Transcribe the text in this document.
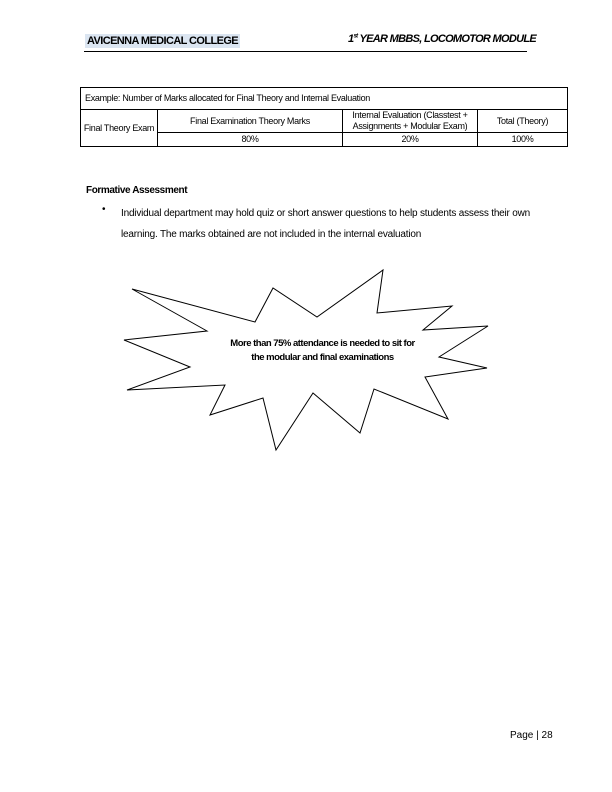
AVICENNA MEDICAL COLLEGE	1st YEAR MBBS, LOCOMOTOR MODULE
Example: Number of Marks allocated for Final Theory and Internal Evaluation			
Final Theory Exam	Final Examination Theory Marks	Internal Evaluation (Classtest + Assignments + Modular Exam)	Total (Theory)
	80%	20%	100%
Formative Assessment
• Individual department may hold quiz or short answer questions to help students assess their own learning. The marks obtained are not included in the internal evaluation
More than 75% attendance is needed to sit for the modular and final examinations
Page | 28
